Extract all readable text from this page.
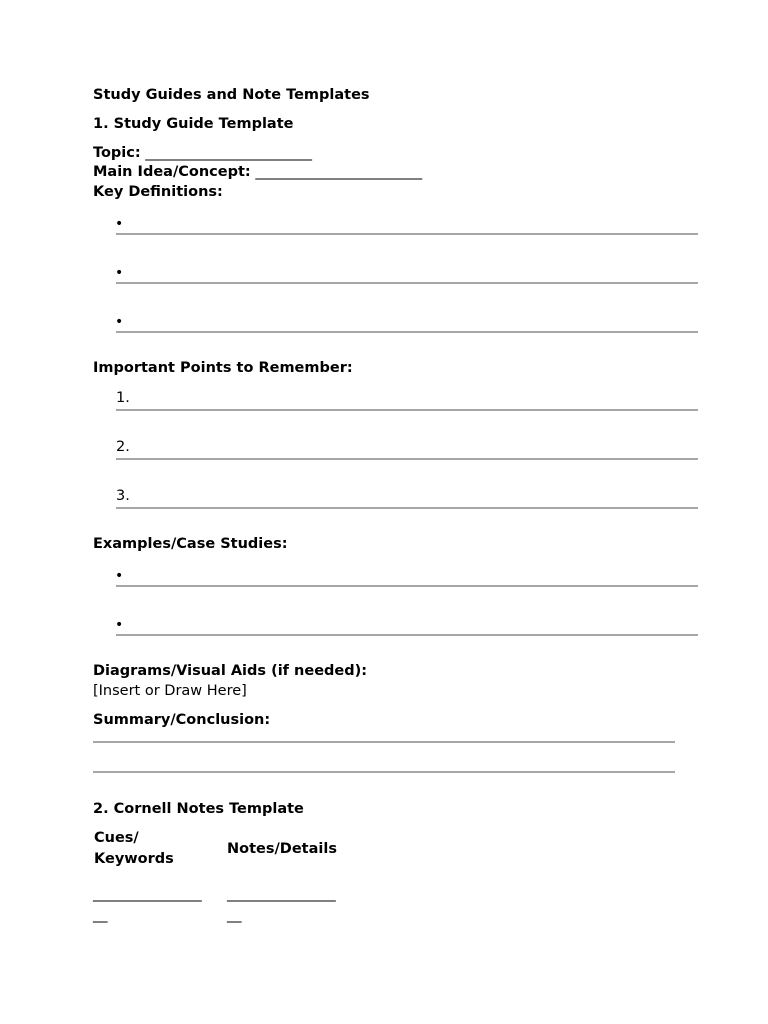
Study Guides and Note Templates

1. Study Guide Template

Topic: _______________________
Main Idea/Concept: _______________________

Key Definitions:

•
•
•

Important Points to Remember:

1.
2.
3.

Examples/Case Studies:

•
•

Diagrams/Visual Aids (if needed):

[Insert or Draw Here]

Summary/Conclusion:

2. Cornell Notes Template

Cues/
Keywords

Notes/Details

_______________
__
_______________
__
